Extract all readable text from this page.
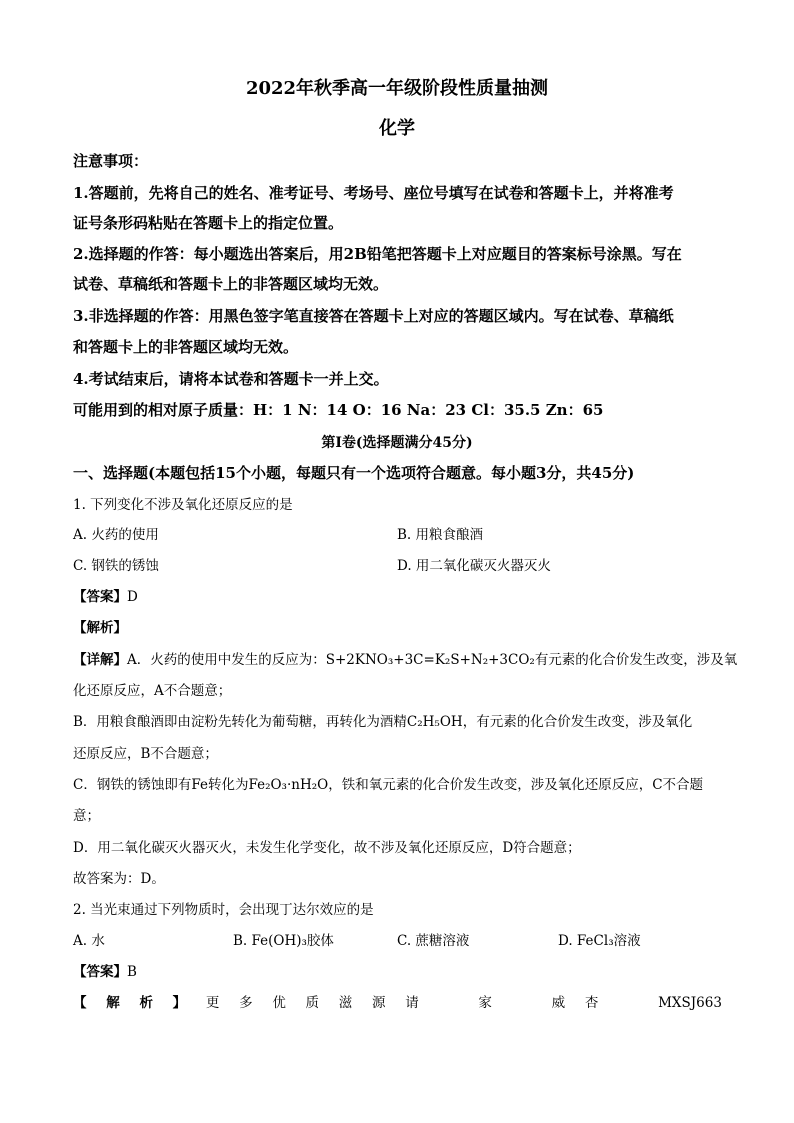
2022年秋季高一年级阶段性质量抽测
化学
注意事项：
1.答题前，先将自己的姓名、准考证号、考场号、座位号填写在试卷和答题卡上，并将准考
证号条形码粘贴在答题卡上的指定位置。
2.选择题的作答：每小题选出答案后，用2B铅笔把答题卡上对应题目的答案标号涂黑。写在
试卷、草稿纸和答题卡上的非答题区域均无效。
3.非选择题的作答：用黑色签字笔直接答在答题卡上对应的答题区域内。写在试卷、草稿纸
和答题卡上的非答题区域均无效。
4.考试结束后，请将本试卷和答题卡一并上交。
可能用到的相对原子质量：H：1 N：14 O：16 Na：23 Cl：35.5 Zn：65
第Ⅰ卷(选择题满分45分)
一、选择题(本题包括15个小题，每题只有一个选项符合题意。每小题3分，共45分)
1. 下列变化不涉及氧化还原反应的是
A. 火药的使用	B. 用粮食酿酒
C. 钢铁的锈蚀	D. 用二氧化碳灭火器灭火
【答案】D
【解析】
【详解】A．火药的使用中发生的反应为：S+2KNO₃+3C=K₂S+N₂+3CO₂有元素的化合价发生改变，涉及氧
化还原反应，A不合题意；
B．用粮食酿酒即由淀粉先转化为葡萄糖，再转化为酒精C₂H₅OH，有元素的化合价发生改变，涉及氧化
还原反应，B不合题意；
C．钢铁的锈蚀即有Fe转化为Fe₂O₃·nH₂O，铁和氧元素的化合价发生改变，涉及氧化还原反应，C不合题
意；
D．用二氧化碳灭火器灭火，未发生化学变化，故不涉及氧化还原反应，D符合题意；
故答案为：D。
2. 当光束通过下列物质时，会出现丁达尔效应的是
A. 水	B. Fe(OH)₃胶体	C. 蔗糖溶液	D. FeCl₃溶液
【答案】B
【 解 析 】 更 多 优 质 滋 源 请	家	威 杏	MXSJ663
